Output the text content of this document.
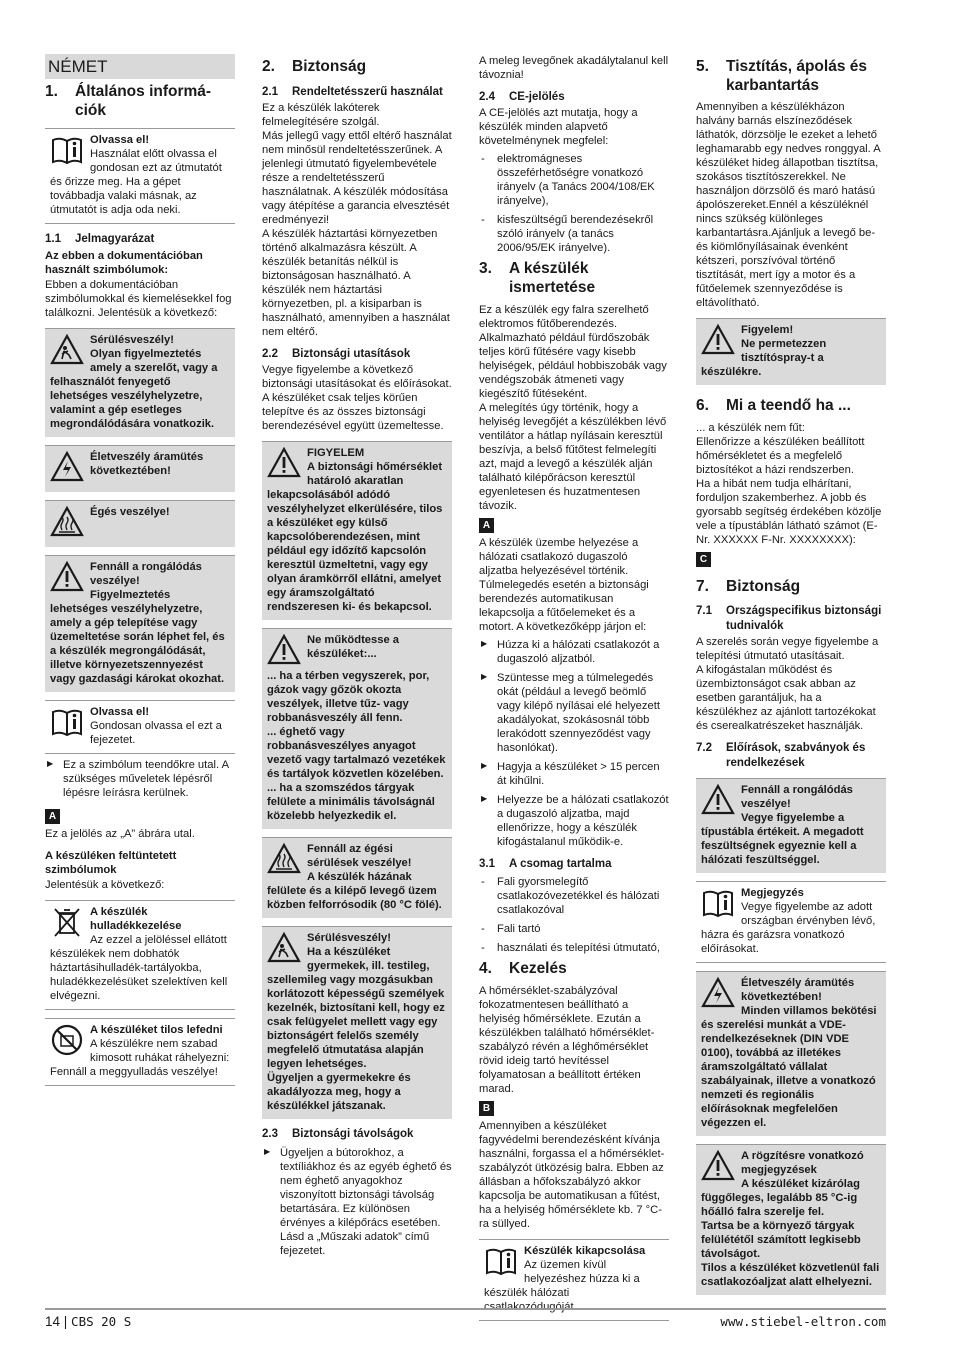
NÉMET
1.	Általános informá-ciók
Olvassa el!
Használat előtt olvassa el gondosan ezt az útmutatót és őrizze meg. Ha a gépet továbbadja valaki másnak, az útmutatót is adja oda neki.
1.1	Jelmagyarázat

Az ebben a dokumentációban használt szimbólumok:

Ebben a dokumentációban szimbólumokkal és kiemelésekkel fog találkozni. Jelentésük a következő:

Sérülésveszély!
Olyan figyelmeztetés amely a szerelőt, vagy a felhasználót fenyegető lehetséges veszélyhelyzetre, valamint a gép esetleges megrondálódására vonatkozik.
Életveszély áramütés következtében!
Égés veszélye!
Fennáll a rongálódás veszélye!
Figyelmeztetés lehetséges veszélyhelyzetre, amely a gép telepítése vagy üzemeltetése során léphet fel, és a készülék megrongálódását, illetve környezetszennyezést vagy gazdasági károkat okozhat.
Olvassa el!
Gondosan olvassa el ezt a fejezetet.
▶ Ez a szimbólum teendőkre utal. A szükséges műveletek lépésről lépésre leírásra kerülnek.
A

Ez a jelölés az „A” ábrára utal.

A készüléken feltüntetett szimbólumok

Jelentésük a következő:

A készülék hulladékkezelése
Az ezzel a jelöléssel ellátott készülékek nem dobhatók háztartásihulladék-tartályokba, huladékkezelésüket szelektíven kell elvégezni.
A készüléket tilos lefedni
A készülékre nem szabad kimosott ruhákat ráhelyezni: Fennáll a meggyulladás veszélye!
2.	Biztonság
2.1	Rendeltetésszerű használat

Ez a készülék lakóterek felmelegítésére szolgál.
Más jellegű vagy ettől eltérő használat nem minősül rendeltetésszerűnek. A jelenlegi útmutató figyelembevétele része a rendeltetésszerű használatnak. A készülék módosítása vagy átépítése a garancia elvesztését eredményezi!
A készülék háztartási környezetben történő alkalmazásra készült. A készülék betanítás nélkül is biztonságosan használható. A készülék nem háztartási környezetben, pl. a kisiparban is használható, amennyiben a használat nem eltérő.

2.2	Biztonsági utasítások

Vegye figyelembe a következő biztonsági utasításokat és előírásokat.
A készüléket csak teljes körűen telepítve és az összes biztonsági berendezésével együtt üzemeltesse.

FIGYELEM
A biztonsági hőmérséklet határoló akaratlan lekapcsolásából adódó veszélyhelyzet elkerülésére, tilos a készüléket egy külső kapcsolóberendezésen, mint például egy időzítő kapcsolón keresztül üzmeltetni, vagy egy olyan áramkörről ellátni, amelyet egy áramszolgáltató rendszeresen ki- és bekapcsol.
Ne működtesse a készüléket:...
... ha a térben vegyszerek, por, gázok vagy gőzök okozta veszélyek, illetve tűz- vagy robbanásveszély áll fenn.
... éghető vagy robbanásveszélyes anyagot vezető vagy tartalmazó vezetékek és tartályok közvetlen közelében.
... ha a szomszédos tárgyak felülete a minimális távolságnál közelebb helyezkedik el.
Fennáll az égési sérülések veszélye!
A készülék házának felülete és a kilépő levegő üzem közben felforrósodik (80 °C fölé).
Sérülésveszély!
Ha a készüléket gyermekek, ill. testileg, szellemileg vagy mozgásukban korlátozott képességű személyek kezelnék, biztosítani kell, hogy ez csak felügyelet mellett vagy egy biztonságért felelős személy megfelelő útmutatása alapján legyen lehetséges.
Ügyeljen a gyermekekre és akadályozza meg, hogy a készülékkel játszanak.
2.3	Biztonsági távolságok
▶ Ügyeljen a bútorokhoz, a textíliákhoz és az egyéb éghető és nem éghető anyagokhoz viszonyított biztonsági távolság betartására. Ez különösen érvényes a kilépőrács esetében. Lásd a „Műszaki adatok” című fejezetet.

A meleg levegőnek akadálytalanul kell távoznia!

2.4	CE-jelölés

A CE-jelölés azt mutatja, hogy a készülék minden alapvető követelménynek megfelel:

- elektromágneses összeférhetőségre vonatkozó irányelv (a Tanács 2004/108/EK irányelve),
- kisfeszültségű berendezésekről szóló irányelv (a tanács 2006/95/EK irányelve).
3.	A készülék ismertetése

Ez a készülék egy falra szerelhető elektromos fűtőberendezés. Alkalmazható például fürdőszobák teljes körű fűtésére vagy kisebb helyiségek, például hobbiszobák vagy vendégszobák átmeneti vagy kiegészítő fűtéseként.
A melegítés úgy történik, hogy a helyiség levegőjét a készülékben lévő ventilátor a hátlap nyílásain keresztül beszívja, a belső fűtőtest felmelegíti azt, majd a levegő a készülék alján található kilépőrácson keresztül egyenletesen és huzatmentesen távozik.

A

A készülék üzembe helyezése a hálózati csatlakozó dugaszoló aljzatba helyezésével történik.
Túlmelegedés esetén a biztonsági berendezés automatikusan lekapcsolja a fűtőelemeket és a motort. A következőképp járjon el:

▶ Húzza ki a hálózati csatlakozót a dugaszoló aljzatból.
▶ Szüntesse meg a túlmelegedés okát (például a levegő beömlő vagy kilépő nyílásai elé helyezett akadályokat, szokásosnál több lerakódott szennyeződést vagy hasonlókat).
▶ Hagyja a készüléket > 15 percen át kihűlni.
▶ Helyezze be a hálózati csatlakozót a dugaszoló aljzatba, majd ellenőrizze, hogy a készülék kifogástalanul működik-e.
3.1	A csomag tartalma
- Fali gyorsmeleg​ítő csatlakozóvezetékkel és hálózati csatlakozóval
- Fali tartó
- használati és telepítési útmutató,
4.	Kezelés

A hőmérséklet-szabályzóval fokozatmentesen beállítható a helyiség hőmérséklete. Ezután a készülékben található hőmérséklet-szabályzó révén a léghőmérséklet rövid ideig tartó hevítéssel folyamatosan a beállított értéken marad.

B

Amennyiben a készüléket fagyvédelmi berendezésként kívánja használni, forgassa el a hőmérséklet-szabályzót ütközésig balra. Ebben az állásban a hőfokszabályzó akkor kapcsolja be automatikusan a fűtést, ha a helyiség hőmérséklete kb. 7 °C-ra süllyed.

Készülék kikapcsolása
Az üzemen kívül helyezéshez húzza ki a készülék hálózati csatlakozódugóját.
5.	Tisztítás, ápolás és karbantartás

Amennyiben a készülékházon halvány barnás elszíneződések láthatók, dörzsölje le ezeket a lehető leghamarabb egy nedves ronggyal. A készüléket hideg állapotban tisztítsa, szokásos tisztítószerekkel. Ne használjon dörzsölő és maró hatású ápolószereket.Ennél a készüléknél nincs szükség különleges karbantartásra.Ajánljuk a levegő be- és kiömlőnyílásainak évenként kétszeri, porszívóval történő tisztítását, mert így a motor és a fűtőelemek szennyeződése is eltávolítható.

Figyelem!
Ne permetezzen tisztítóspray-t a készülékre.
6.	Mi a teendő ha ...

... a készülék nem fűt:
Ellenőrizze a készüléken beállított hőmérsékletet és a megfelelő biztosítékot a házi rendszerben.
Ha a hibát nem tudja elhárítani, forduljon szakemberhez. A jobb és gyorsabb segítség érdekében közölje vele a típustáblán látható számot (E-Nr. XXXXXX F-Nr. XXXXXXXX):

C
7.	Biztonság
7.1	Országspecifikus biztonsági tudnivalók

A szerelés során vegye figyelembe a telepítési útmutató utasításait.
A kifogástalan működést és üzembiztonságot csak abban az esetben garantáljuk, ha a készülékhez az ajánlott tartozékokat és cserealkatrészeket használják.

7.2	Előírások, szabványok és rendelkezések
Fennáll a rongálódás veszélye!
Vegye figyelembe a típustábla értékeit. A megadott feszültségnek egyeznie kell a hálózati feszültséggel.
Megjegyzés
Vegye figyelembe az adott országban érvényben lévő, házra és garázsra vonatkozó előírásokat.
Életveszély áramütés következtében!
Minden villamos bekötési és szerelési munkát a VDE-rendelkezéseknek (DIN VDE 0100), továbbá az illetékes áramszolgáltató vállalat szabályainak, illetve a vonatkozó nemzeti és regionális előírásoknak megfelelően végezzen el.
A rögzítésre vonatkozó megjegyzések
A készüléket kizárólag függőleges, legalább 85 °C-ig hőálló falra szerelje fel.
Tartsa be a környező tárgyak felülététől számított legkisebb távolságot.
Tilos a készüléket közvetlenül fali csatlakozóaljzat alatt elhelyezni.
14 | CBS 20 S	www.stiebel-eltron.com
